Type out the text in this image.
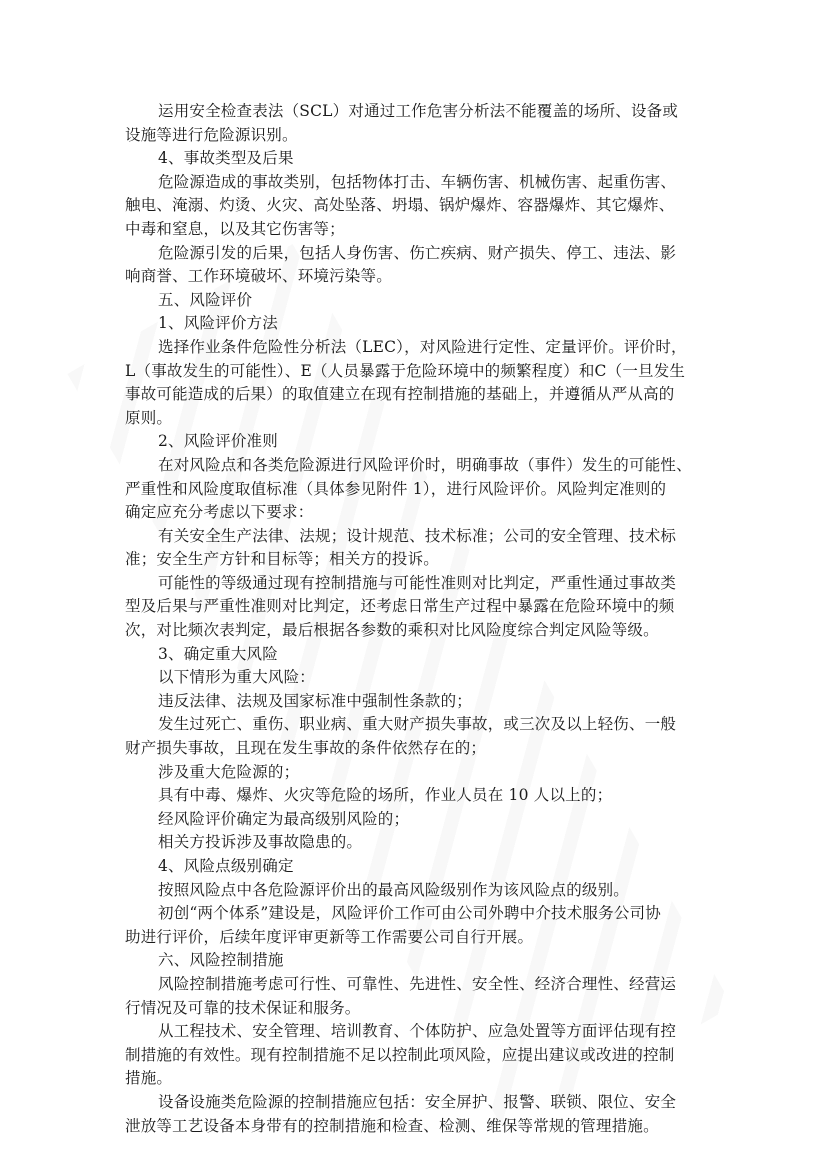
运用安全检查表法（SCL）对通过工作危害分析法不能覆盖的场所、设备或
设施等进行危险源识别。
4、事故类型及后果
危险源造成的事故类别，包括物体打击、车辆伤害、机械伤害、起重伤害、
触电、淹溺、灼烫、火灾、高处坠落、坍塌、锅炉爆炸、容器爆炸、其它爆炸、
中毒和窒息，以及其它伤害等；
危险源引发的后果，包括人身伤害、伤亡疾病、财产损失、停工、违法、影
响商誉、工作环境破坏、环境污染等。
五、风险评价
1、风险评价方法
选择作业条件危险性分析法（LEC），对风险进行定性、定量评价。评价时，
L（事故发生的可能性）、E（人员暴露于危险环境中的频繁程度）和C（一旦发生
事故可能造成的后果）的取值建立在现有控制措施的基础上，并遵循从严从高的
原则。
2、风险评价准则
在对风险点和各类危险源进行风险评价时，明确事故（事件）发生的可能性、
严重性和风险度取值标准（具体参见附件 1），进行风险评价。风险判定准则的
确定应充分考虑以下要求：
有关安全生产法律、法规；设计规范、技术标准；公司的安全管理、技术标
准；安全生产方针和目标等；相关方的投诉。
可能性的等级通过现有控制措施与可能性准则对比判定，严重性通过事故类
型及后果与严重性准则对比判定，还考虑日常生产过程中暴露在危险环境中的频
次，对比频次表判定，最后根据各参数的乘积对比风险度综合判定风险等级。
3、确定重大风险
以下情形为重大风险：
违反法律、法规及国家标准中强制性条款的；
发生过死亡、重伤、职业病、重大财产损失事故，或三次及以上轻伤、一般
财产损失事故，且现在发生事故的条件依然存在的；
涉及重大危险源的；
具有中毒、爆炸、火灾等危险的场所，作业人员在 10 人以上的；
经风险评价确定为最高级别风险的；
相关方投诉涉及事故隐患的。
4、风险点级别确定
按照风险点中各危险源评价出的最高风险级别作为该风险点的级别。
初创“两个体系”建设是，风险评价工作可由公司外聘中介技术服务公司协
助进行评价，后续年度评审更新等工作需要公司自行开展。
六、风险控制措施
风险控制措施考虑可行性、可靠性、先进性、安全性、经济合理性、经营运
行情况及可靠的技术保证和服务。
从工程技术、安全管理、培训教育、个体防护、应急处置等方面评估现有控
制措施的有效性。现有控制措施不足以控制此项风险，应提出建议或改进的控制
措施。
设备设施类危险源的控制措施应包括：安全屏护、报警、联锁、限位、安全
泄放等工艺设备本身带有的控制措施和检查、检测、维保等常规的管理措施。
